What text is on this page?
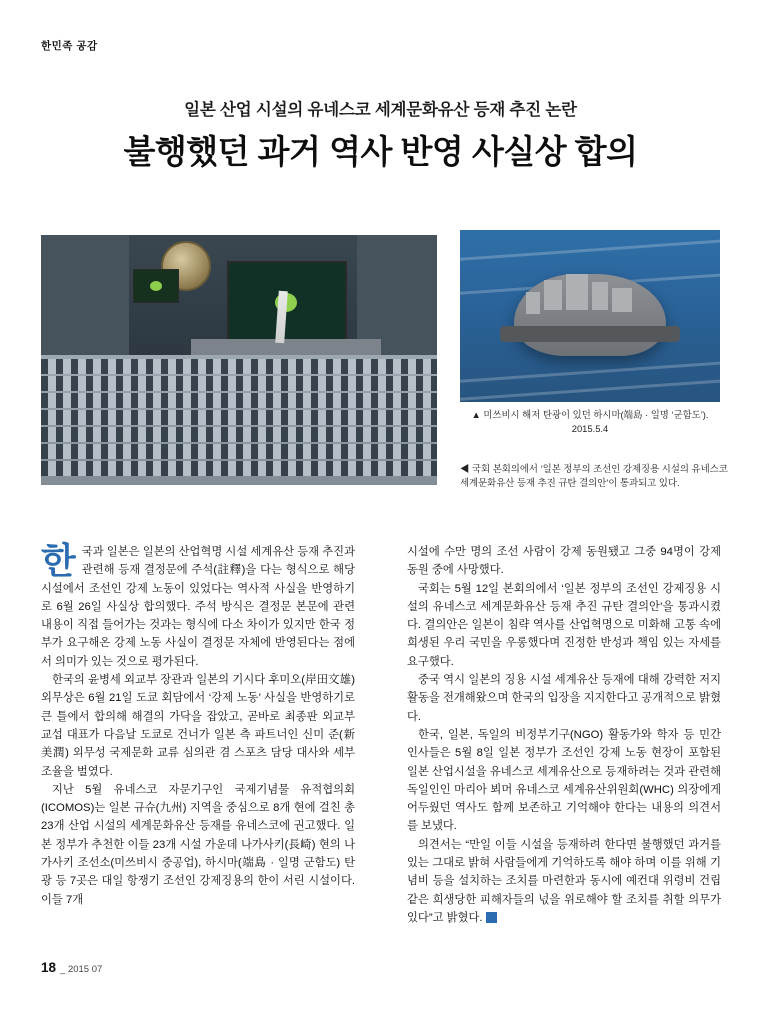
한민족 공감
일본 산업 시설의 유네스코 세계문화유산 등재 추진 논란
불행했던 과거 역사 반영 사실상 합의
▲ 미쓰비시 해저 탄광이 있던 하시마(端島 · 일명 ‘군함도’). 2015.5.4
◀ 국회 본회의에서 ‘일본 정부의 조선인 강제징용 시설의 유네스코 세계문화유산 등재 추진 규탄 결의안’이 통과되고 있다.

한국과 일본은 일본의 산업혁명 시설 세계유산 등재 추진과 관련해 등재 결정문에 주석(註釋)을 다는 형식으로 해당 시설에서 조선인 강제 노동이 있었다는 역사적 사실을 반영하기로 6월 26일 사실상 합의했다. 주석 방식은 결정문 본문에 관련 내용이 직접 들어가는 것과는 형식에 다소 차이가 있지만 한국 정부가 요구해온 강제 노동 사실이 결정문 자체에 반영된다는 점에서 의미가 있는 것으로 평가된다.

한국의 윤병세 외교부 장관과 일본의 기시다 후미오(岸田文雄) 외무상은 6월 21일 도쿄 회담에서 ‘강제 노동’ 사실을 반영하기로 큰 틀에서 합의해 해결의 가닥을 잡았고, 곧바로 최종판 외교부 교섭 대표가 다음날 도쿄로 건너가 일본 측 파트너인 신미 준(新美潤) 외무성 국제문화 교류 심의관 겸 스포츠 담당 대사와 세부 조율을 벌였다.

지난 5월 유네스코 자문기구인 국제기념물 유적협의회(ICOMOS)는 일본 규슈(九州) 지역을 중심으로 8개 현에 걸친 총 23개 산업 시설의 세계문화유산 등재를 유네스코에 권고했다. 일본 정부가 추천한 이들 23개 시설 가운데 나가사키(長崎) 현의 나가사키 조선소(미쓰비시 중공업), 하시마(端島 · 일명 군함도) 탄광 등 7곳은 대일 항쟁기 조선인 강제징용의 한이 서린 시설이다. 이들 7개

시설에 수만 명의 조선 사람이 강제 동원됐고 그중 94명이 강제 동원 중에 사망했다.

국회는 5월 12일 본회의에서 ‘일본 정부의 조선인 강제징용 시설의 유네스코 세계문화유산 등재 추진 규탄 결의안’을 통과시켰다. 결의안은 일본이 침략 역사를 산업혁명으로 미화해 고통 속에 희생된 우리 국민을 우롱했다며 진정한 반성과 책임 있는 자세를 요구했다.

중국 역시 일본의 징용 시설 세계유산 등재에 대해 강력한 저지 활동을 전개해왔으며 한국의 입장을 지지한다고 공개적으로 밝혔다.

한국, 일본, 독일의 비정부기구(NGO) 활동가와 학자 등 민간 인사들은 5월 8일 일본 정부가 조선인 강제 노동 현장이 포함된 일본 산업시설을 유네스코 세계유산으로 등재하려는 것과 관련해 독일인인 마리아 뵈머 유네스코 세계유산위원회(WHC) 의장에게 어두웠던 역사도 함께 보존하고 기억해야 한다는 내용의 의견서를 보냈다.

의견서는 “만일 이들 시설을 등재하려 한다면 불행했던 과거를 있는 그대로 밝혀 사람들에게 기억하도록 해야 하며 이를 위해 기념비 등을 설치하는 조치를 마련한과 동시에 예컨대 위령비 건립 같은 희생당한 피해자들의 넋을 위로해야 할 조치를 취할 의무가 있다”고 밝혔다. ?

18 _ 2015 07
